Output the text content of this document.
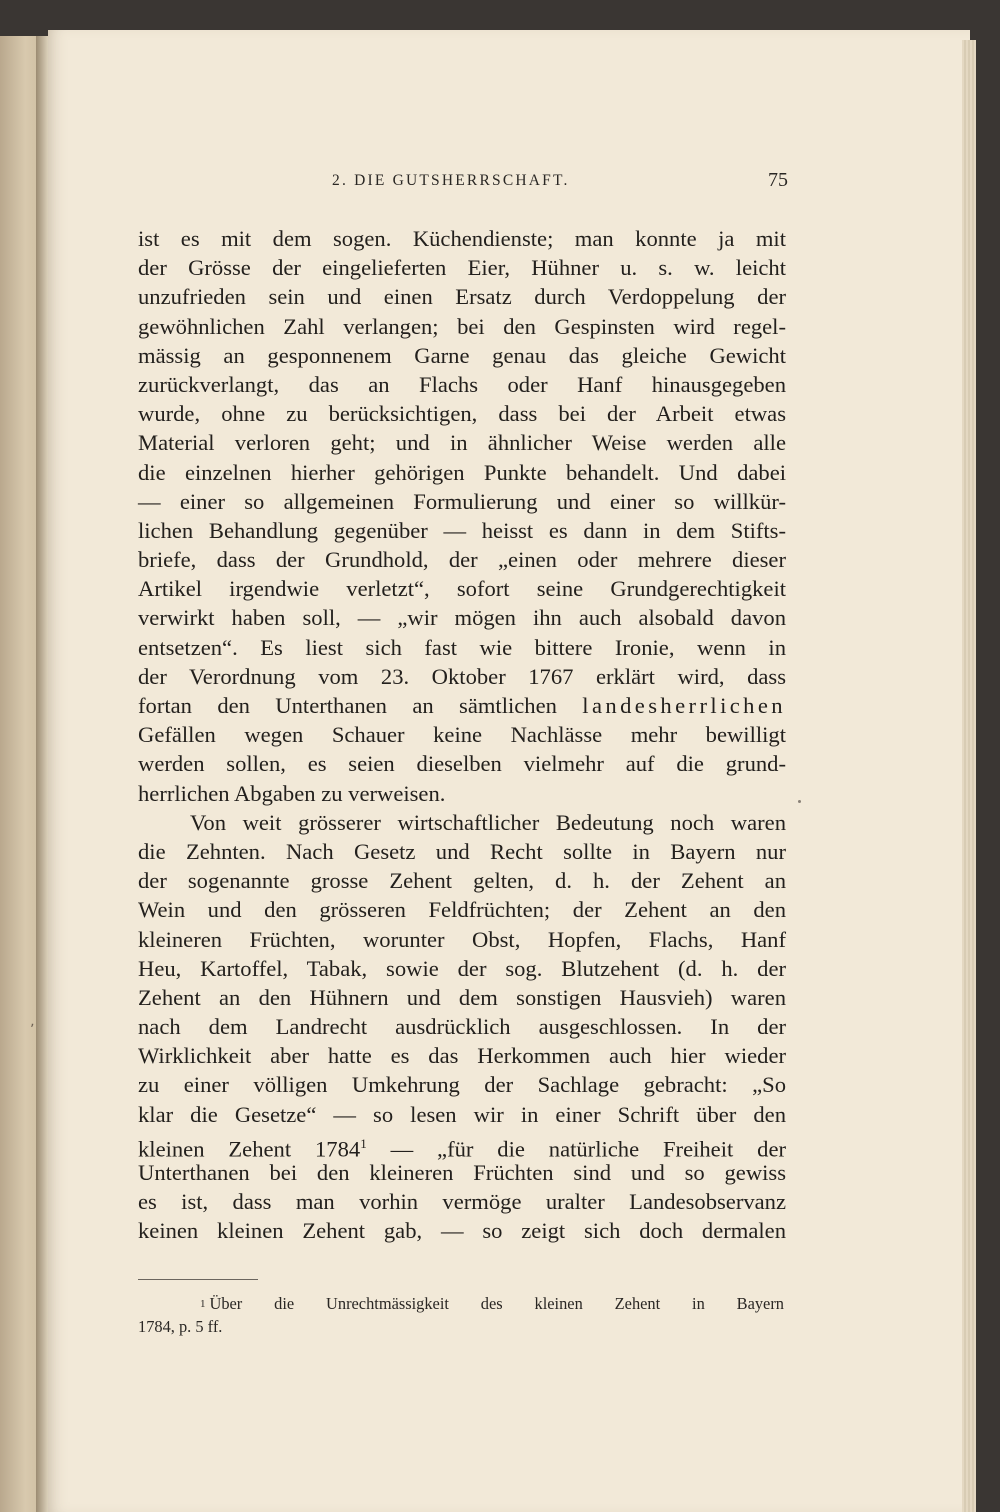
2. DIE GUTSHERRSCHAFT.	75
ist es mit dem sogen. Küchendienste; man konnte ja mit
der Grösse der eingelieferten Eier, Hühner u. s. w. leicht
unzufrieden sein und einen Ersatz durch Verdoppelung der
gewöhnlichen Zahl verlangen; bei den Gespinsten wird regel-
mässig an gesponnenem Garne genau das gleiche Gewicht
zurückverlangt, das an Flachs oder Hanf hinausgegeben
wurde, ohne zu berücksichtigen, dass bei der Arbeit etwas
Material verloren geht; und in ähnlicher Weise werden alle
die einzelnen hierher gehörigen Punkte behandelt. Und dabei
— einer so allgemeinen Formulierung und einer so willkür-
lichen Behandlung gegenüber — heisst es dann in dem Stifts-
briefe, dass der Grundhold, der „einen oder mehrere dieser
Artikel irgendwie verletzt“, sofort seine Grundgerechtigkeit
verwirkt haben soll, — „wir mögen ihn auch alsobald davon
entsetzen“. Es liest sich fast wie bittere Ironie, wenn in
der Verordnung vom 23. Oktober 1767 erklärt wird, dass
fortan den Unterthanen an sämtlichen landesherrlichen
Gefällen wegen Schauer keine Nachlässe mehr bewilligt
werden sollen, es seien dieselben vielmehr auf die grund-
herrlichen Abgaben zu verweisen.
Von weit grösserer wirtschaftlicher Bedeutung noch waren
die Zehnten. Nach Gesetz und Recht sollte in Bayern nur
der sogenannte grosse Zehent gelten, d. h. der Zehent an
Wein und den grösseren Feldfrüchten; der Zehent an den
kleineren Früchten, worunter Obst, Hopfen, Flachs, Hanf
Heu, Kartoffel, Tabak, sowie der sog. Blutzehent (d. h. der
Zehent an den Hühnern und dem sonstigen Hausvieh) waren
nach dem Landrecht ausdrücklich ausgeschlossen. In der
Wirklichkeit aber hatte es das Herkommen auch hier wieder
zu einer völligen Umkehrung der Sachlage gebracht: „So
klar die Gesetze“ — so lesen wir in einer Schrift über den
kleinen Zehent 1784$^1$ — „für die natürliche Freiheit der
Unterthanen bei den kleineren Früchten sind und so gewiss
es ist, dass man vorhin vermöge uralter Landesobservanz
keinen kleinen Zehent gab, — so zeigt sich doch dermalen
$^1$ Über die Unrechtmässigkeit des kleinen Zehent in Bayern
1784, p. 5 ff.
ʼ
